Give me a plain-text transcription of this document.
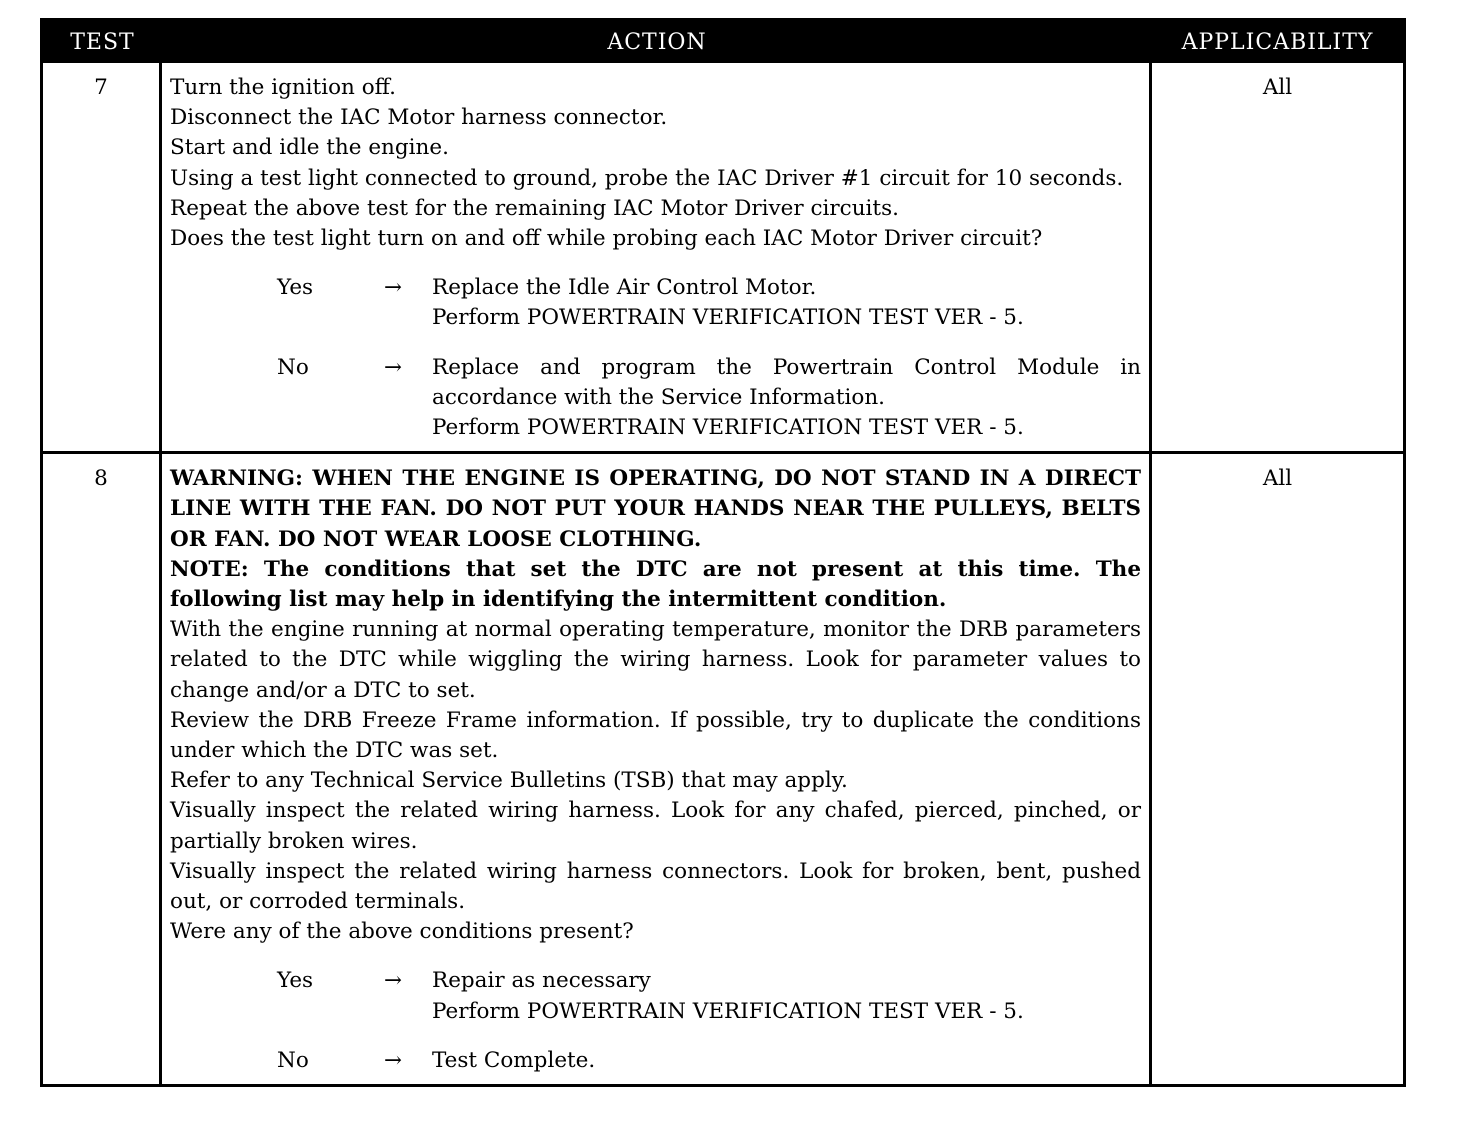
TEST	ACTION	APPLICABILITY
7	Turn the ignition off.
Disconnect the IAC Motor harness connector.
Start and idle the engine.
Using a test light connected to ground, probe the IAC Driver #1 circuit for 10 seconds.
Repeat the above test for the remaining IAC Motor Driver circuits.
Does the test light turn on and off while probing each IAC Motor Driver circuit?
Yes	→	Replace the Idle Air Control Motor.
Perform POWERTRAIN VERIFICATION TEST VER - 5.
No	→	Replace and program the Powertrain Control Module in accordance with the Service Information.
Perform POWERTRAIN VERIFICATION TEST VER - 5.
All
8	WARNING: WHEN THE ENGINE IS OPERATING, DO NOT STAND IN A DIRECT LINE WITH THE FAN. DO NOT PUT YOUR HANDS NEAR THE PULLEYS, BELTS OR FAN. DO NOT WEAR LOOSE CLOTHING.
NOTE: The conditions that set the DTC are not present at this time. The following list may help in identifying the intermittent condition.
With the engine running at normal operating temperature, monitor the DRB parameters related to the DTC while wiggling the wiring harness. Look for parameter values to change and/or a DTC to set.
Review the DRB Freeze Frame information. If possible, try to duplicate the conditions under which the DTC was set.
Refer to any Technical Service Bulletins (TSB) that may apply.
Visually inspect the related wiring harness. Look for any chafed, pierced, pinched, or partially broken wires.
Visually inspect the related wiring harness connectors. Look for broken, bent, pushed out, or corroded terminals.
Were any of the above conditions present?
Yes	→	Repair as necessary
Perform POWERTRAIN VERIFICATION TEST VER - 5.
No	→	Test Complete.
All
